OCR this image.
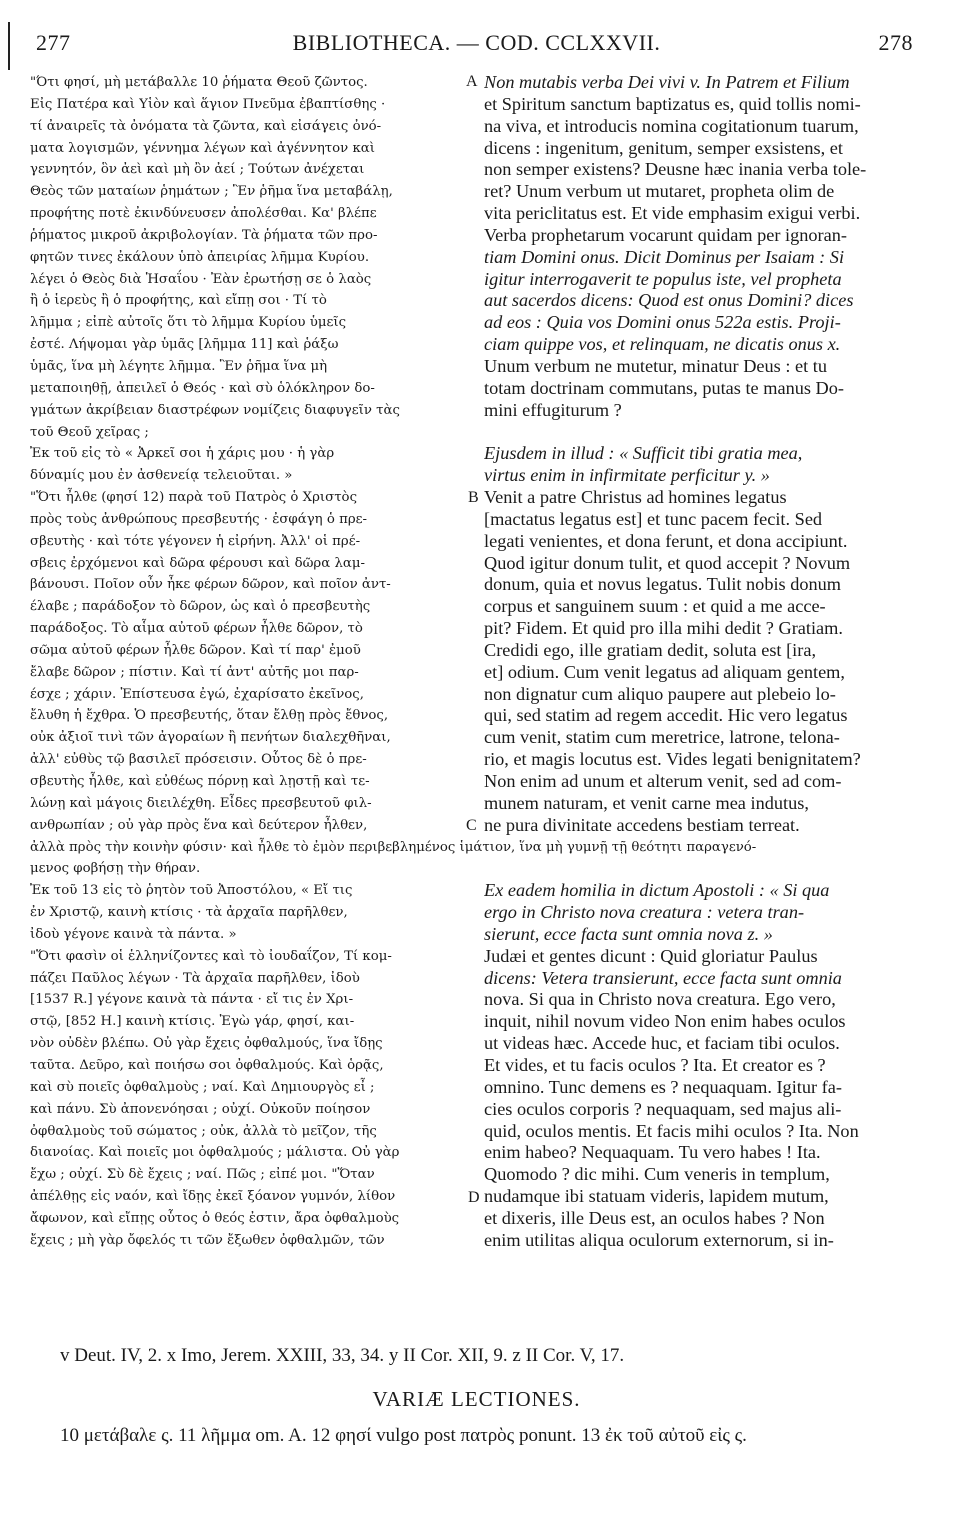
277	BIBLIOTHECA. — COD. CCLXXVII.	278
"Ότι φησί, μὴ μετάβαλλε 10 ῥήματα Θεοῦ ζῶντος.
Εἰς Πατέρα καὶ Υἱὸν καὶ ἅγιον Πνεῦμα ἐβαπτίσθης ·
τί ἀναιρεῖς τὰ ὀνόματα τὰ ζῶντα, καὶ εἰσάγεις ὀνό-
ματα λογισμῶν, γέννημα λέγων καὶ ἀγέννητον καὶ
γεννητόν, ὃν ἀεὶ καὶ μὴ ὂν ἀεί ; Τούτων ἀνέχεται
Θεὸς τῶν ματαίων ῥημάτων ; Ἓν ῥῆμα ἵνα μεταβάλῃ,
προφήτης ποτὲ ἐκινδύνευσεν ἀπολέσθαι. Κα' βλέπε
ῥήματος μικροῦ ἀκριβολογίαν. Τὰ ῥήματα τῶν προ-
φητῶν τινες ἐκάλουν ὑπὸ ἀπειρίας λῆμμα Κυρίου.
λέγει ὁ Θεὸς διὰ Ἡσαΐου · Ἐὰν ἐρωτήσῃ σε ὁ λαὸς
ἢ ὁ ἱερεὺς ἢ ὁ προφήτης, καὶ εἴπῃ σοι · Τί τὸ
λῆμμα ; εἰπὲ αὐτοῖς ὅτι τὸ λῆμμα Κυρίου ὑμεῖς
ἐστέ. Λήψομαι γὰρ ὑμᾶς [λῆμμα 11] καὶ ῥάξω
ὑμᾶς, ἵνα μὴ λέγητε λῆμμα. Ἓν ῥῆμα ἵνα μὴ
μεταποιηθῇ, ἀπειλεῖ ὁ Θεός · καὶ σὺ ὁλόκληρον δο-
γμάτων ἀκρίβειαν διαστρέφων νομίζεις διαφυγεῖν τὰς
τοῦ Θεοῦ χεῖρας ;
Ἐκ τοῦ εἰς τὸ « Ἀρκεῖ σοι ἡ χάρις μου · ἡ γὰρ
δύναμίς μου ἐν ἀσθενείᾳ τελειοῦται. »
"Ὅτι ἦλθε (φησί 12) παρὰ τοῦ Πατρὸς ὁ Χριστὸς
πρὸς τοὺς ἀνθρώπους πρεσβευτής · ἐσφάγη ὁ πρε-
σβευτὴς · καὶ τότε γέγονεν ἡ εἰρήνη. Ἀλλ' οἱ πρέ-
σβεις ἐρχόμενοι καὶ δῶρα φέρουσι καὶ δῶρα λαμ-
βάνουσι. Ποῖον οὖν ἦκε φέρων δῶρον, καὶ ποῖον ἀντ-
έλαβε ; παράδοξον τὸ δῶρον, ὡς καὶ ὁ πρεσβευτὴς
παράδοξος. Τὸ αἷμα αὐτοῦ φέρων ἦλθε δῶρον, τὸ
σῶμα αὐτοῦ φέρων ἦλθε δῶρον. Καὶ τί παρ' ἐμοῦ
ἔλαβε δῶρον ; πίστιν. Καὶ τί ἀντ' αὐτῆς μοι παρ-
έσχε ; χάριν. Ἐπίστευσα ἐγώ, ἐχαρίσατο ἐκεῖνος,
ἔλυθη ἡ ἔχθρα. Ὁ πρεσβευτής, ὅταν ἔλθῃ πρὸς ἔθνος,
οὐκ ἀξιοῖ τινὶ τῶν ἀγοραίων ἢ πενήτων διαλεχθῆναι,
ἀλλ' εὐθὺς τῷ βασιλεῖ πρόσεισιν. Οὗτος δὲ ὁ πρε-
σβευτὴς ἦλθε, καὶ εὐθέως πόρνῃ καὶ λῃστῇ καὶ τε-
λώνῃ καὶ μάγοις διειλέχθη. Εἶδες πρεσβευτοῦ φιλ-
ανθρωπίαν ; οὐ γὰρ πρὸς ἕνα καὶ δεύτερον ἦλθεν,
ἀλλὰ πρὸς τὴν κοινὴν φύσιν· καὶ ἦλθε τὸ ἐμὸν περιβεβλημένος ἱμάτιον, ἵνα μὴ γυμνῇ τῇ θεότητι παραγενό-
μενος φοβήσῃ τὴν θήραν.
Ἐκ τοῦ 13 εἰς τὸ ῥητὸν τοῦ Ἀποστόλου, « Εἴ τις
ἐν Χριστῷ, καινὴ κτίσις · τὰ ἀρχαῖα παρῆλθεν,
ἰδοὺ γέγονε καινὰ τὰ πάντα. »
"Ὅτι φασὶν οἱ ἑλληνίζοντες καὶ τὸ ἰουδαΐζον, Τί κομ-
πάζει Παῦλος λέγων · Τὰ ἀρχαῖα παρῆλθεν, ἰδοὺ
[1537 R.] γέγονε καινὰ τὰ πάντα · εἴ τις ἐν Χρι-
στῷ, [852 H.] καινὴ κτίσις. Ἐγὼ γάρ, φησί, και-
νὸν οὐδὲν βλέπω. Οὐ γὰρ ἔχεις ὀφθαλμούς, ἵνα ἴδῃς
ταῦτα. Δεῦρο, καὶ ποιήσω σοι ὀφθαλμούς. Καὶ ὁρᾷς,
καὶ σὺ ποιεῖς ὀφθαλμοὺς ; ναί. Καὶ Δημιουργὸς εἶ ;
καὶ πάνυ. Σὺ ἀπονενόησαι ; οὐχί. Οὐκοῦν ποίησον
ὀφθαλμοὺς τοῦ σώματος ; οὐκ, ἀλλὰ τὸ μεῖζον, τῆς
διανοίας. Καὶ ποιεῖς μοι ὀφθαλμούς ; μάλιστα. Οὐ γὰρ
ἔχω ; οὐχί. Σὺ δὲ ἔχεις ; ναί. Πῶς ; εἰπέ μοι. "Ὅταν
ἀπέλθῃς εἰς ναόν, καὶ ἴδῃς ἐκεῖ ξόανον γυμνόν, λίθον
ἄφωνον, καὶ εἴπῃς οὗτος ὁ θεός ἐστιν, ἄρα ὀφθαλμοὺς
ἔχεις ; μὴ γὰρ ὄφελός τι τῶν ἔξωθεν ὀφθαλμῶν, τῶν
Non mutabis verba Dei vivi v. In Patrem et Filium
et Spiritum sanctum baptizatus es, quid tollis nomi-
na viva, et introducis nomina cogitationum tuarum,
dicens : ingenitum, genitum, semper exsistens, et
non semper existens? Deusne hæc inania verba tole-
ret? Unum verbum ut mutaret, propheta olim de
vita periclitatus est. Et vide emphasim exigui verbi.
Verba prophetarum vocarunt quidam per ignoran-
tiam Domini onus. Dicit Dominus per Isaiam : Si
igitur interrogaverit te populus iste, vel propheta
aut sacerdos dicens: Quod est onus Domini? dices
ad eos : Quia vos Domini onus 522a estis. Proji-
ciam quippe vos, et relinquam, ne dicatis onus x.
Unum verbum ne mutetur, minatur Deus : et tu
totam doctrinam commutans, putas te manus Do-
mini effugiturum ?
Ejusdem in illud : « Sufficit tibi gratia mea,
virtus enim in infirmitate perficitur y. »
Venit a patre Christus ad homines legatus
[mactatus legatus est] et tunc pacem fecit. Sed
legati venientes, et dona ferunt, et dona accipiunt.
Quod igitur donum tulit, et quod accepit ? Novum
donum, quia et novus legatus. Tulit nobis donum
corpus et sanguinem suum : et quid a me acce-
pit? Fidem. Et quid pro illa mihi dedit ? Gratiam.
Credidi ego, ille gratiam dedit, soluta est [ira,
et] odium. Cum venit legatus ad aliquam gentem,
non dignatur cum aliquo paupere aut plebeio lo-
qui, sed statim ad regem accedit. Hic vero legatus
cum venit, statim cum meretrice, latrone, telona-
rio, et magis locutus est. Vides legati benignitatem?
Non enim ad unum et alterum venit, sed ad com-
munem naturam, et venit carne mea indutus,
ne pura divinitate accedens bestiam terreat.
Ex eadem homilia in dictum Apostoli : « Si qua
ergo in Christo nova creatura : vetera tran-
sierunt, ecce facta sunt omnia nova z. »
Judæi et gentes dicunt : Quid gloriatur Paulus
dicens: Vetera transierunt, ecce facta sunt omnia
nova. Si qua in Christo nova creatura. Ego vero,
inquit, nihil novum video Non enim habes oculos
ut videas hæc. Accede huc, et faciam tibi oculos.
Et vides, et tu facis oculos ? Ita. Et creator es ?
omnino. Tunc demens es ? nequaquam. Igitur fa-
cies oculos corporis ? nequaquam, sed majus ali-
quid, oculos mentis. Et facis mihi oculos ? Ita. Non
enim habeo? Nequaquam. Tu vero habes ! Ita.
Quomodo ? dic mihi. Cum veneris in templum,
nudamque ibi statuam videris, lapidem mutum,
et dixeris, ille Deus est, an oculos habes ? Non
enim utilitas aliqua oculorum externorum, si in-
A
B
C
D
v Deut. IV, 2. x Imo, Jerem. XXIII, 33, 34. y II Cor. XII, 9. z II Cor. V, 17.
VARIÆ LECTIONES.
10 μετάβαλε ς. 11 λῆμμα om. A. 12 φησί vulgo post πατρὸς ponunt. 13 ἐκ τοῦ αὐτοῦ εἰς ς.
